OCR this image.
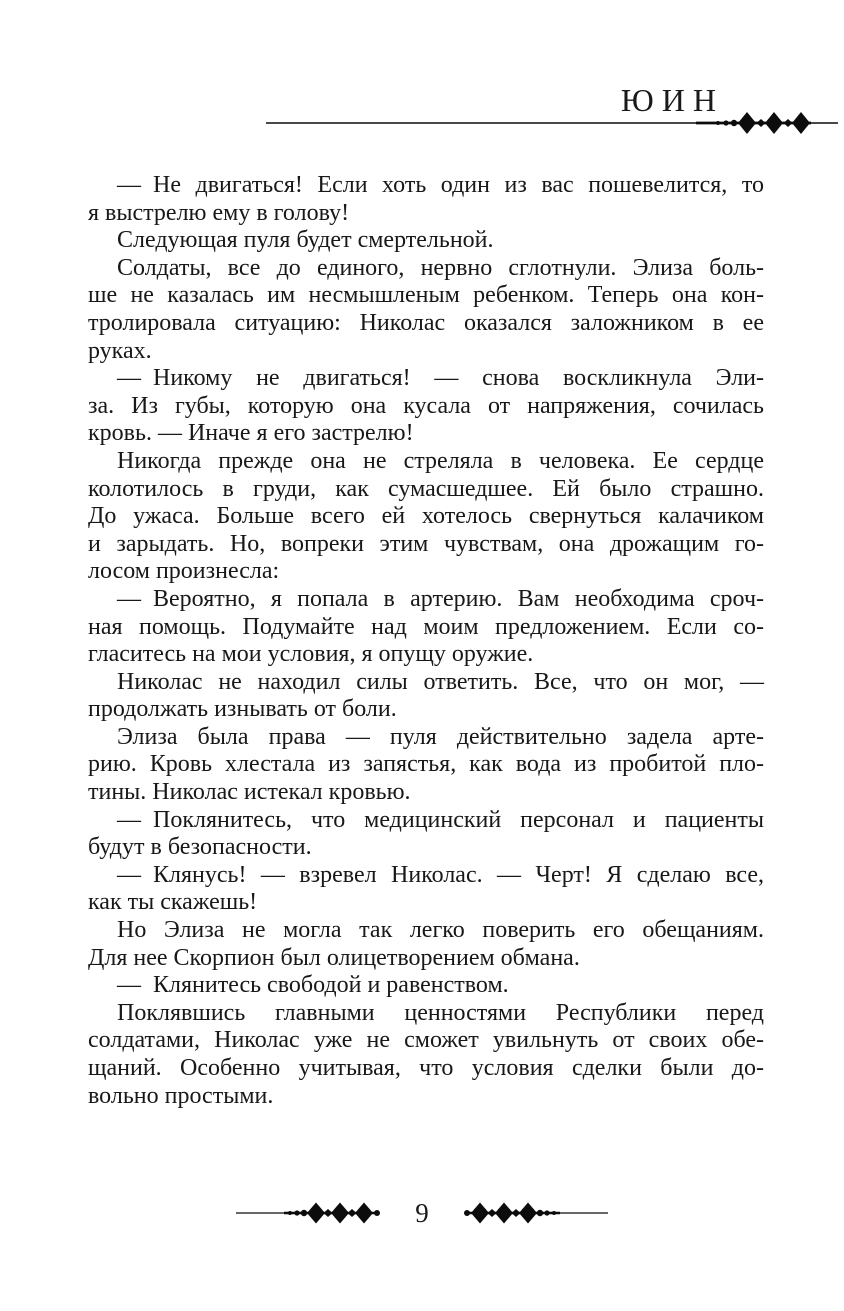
ЮИН

— Не двигаться! Если хоть один из вас пошевелится, то
я выстрелю ему в голову!

Следующая пуля будет смертельной.

Солдаты, все до единого, нервно сглотнули. Элиза боль-
ше не казалась им несмышленым ребенком. Теперь она кон-
тролировала ситуацию: Николас оказался заложником в ее
руках.

— Никому не двигаться! — снова воскликнула Эли-
за. Из губы, которую она кусала от напряжения, сочилась
кровь. — Иначе я его застрелю!

Никогда прежде она не стреляла в человека. Ее сердце
колотилось в груди, как сумасшедшее. Ей было страшно.
До ужаса. Больше всего ей хотелось свернуться калачиком
и зарыдать. Но, вопреки этим чувствам, она дрожащим го-
лосом произнесла:

— Вероятно, я попала в артерию. Вам необходима сроч-
ная помощь. Подумайте над моим предложением. Если со-
гласитесь на мои условия, я опущу оружие.

Николас не находил силы ответить. Все, что он мог, —
продолжать изнывать от боли.

Элиза была права — пуля действительно задела арте-
рию. Кровь хлестала из запястья, как вода из пробитой пло-
тины. Николас истекал кровью.

— Поклянитесь, что медицинский персонал и пациенты
будут в безопасности.

— Клянусь! — взревел Николас. — Черт! Я сделаю все,
как ты скажешь!

Но Элиза не могла так легко поверить его обещаниям.
Для нее Скорпион был олицетворением обмана.

— Клянитесь свободой и равенством.

Поклявшись главными ценностями Республики перед
солдатами, Николас уже не сможет увильнуть от своих обе-
щаний. Особенно учитывая, что условия сделки были до-
вольно простыми.

9
